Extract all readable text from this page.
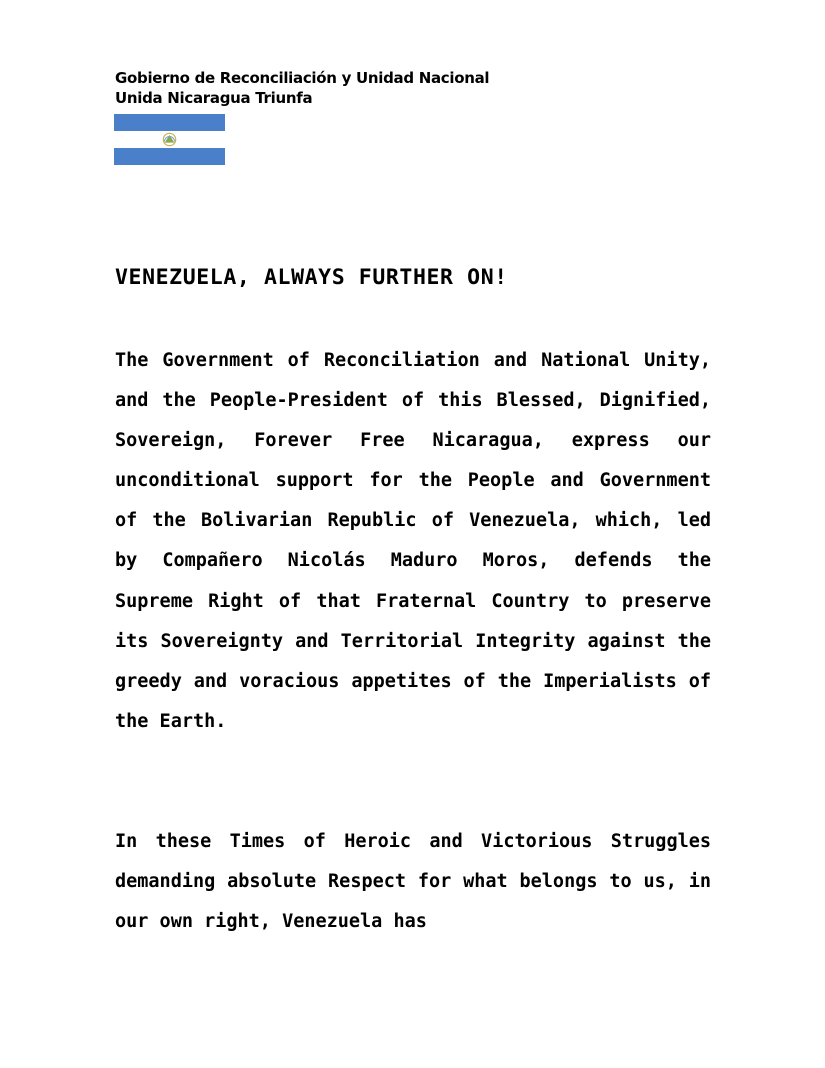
Gobierno de Reconciliación y Unidad Nacional
Unida Nicaragua Triunfa
VENEZUELA, ALWAYS FURTHER ON!

The Government of Reconciliation and National Unity, and the People-President of this Blessed, Dignified, Sovereign, Forever Free Nicaragua, express our unconditional support for the People and Government of the Bolivarian Republic of Venezuela, which, led by Compañero Nicolás Maduro Moros, defends the Supreme Right of that Fraternal Country to preserve its Sovereignty and Territorial Integrity against the greedy and voracious appetites of the Imperialists of the Earth.

In these Times of Heroic and Victorious Struggles demanding absolute Respect for what belongs to us, in our own right, Venezuela has
